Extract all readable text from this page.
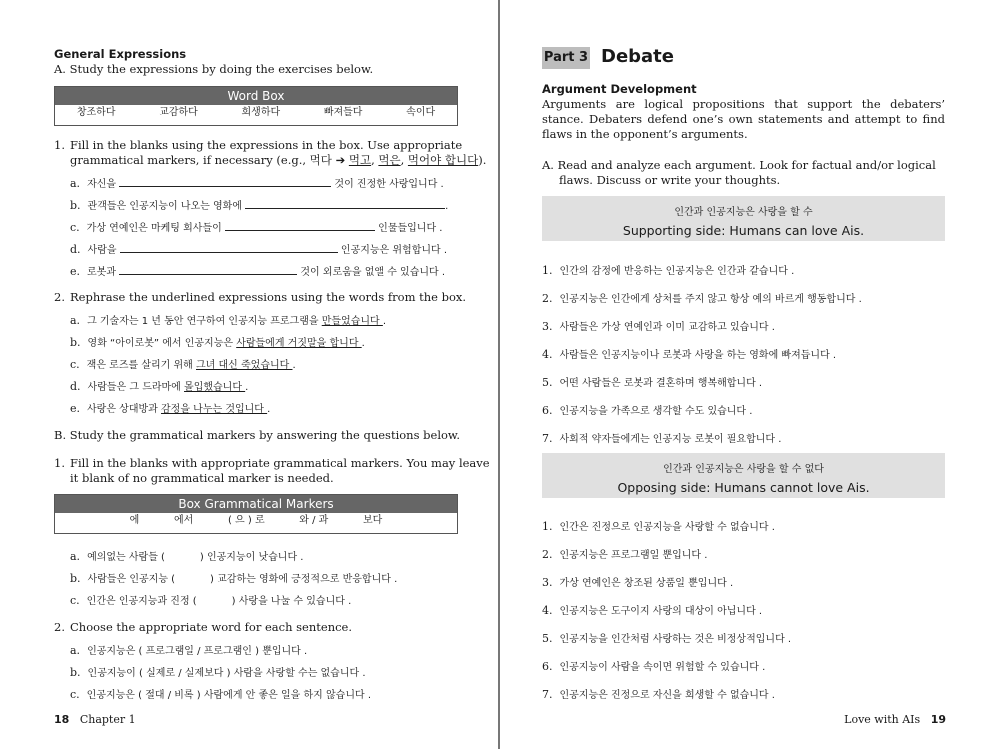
General Expressions
A. Study the expressions by doing the exercises below.
Word Box
창조하다	교감하다	희생하다	빠져들다	속이다
1. Fill in the blanks using the expressions in the box. Use appropriate
grammatical markers, if necessary (e.g., 먹다 ➔ 먹고, 먹은, 먹어야 합니다).
a. 자신을	것이 진정한 사랑입니다 .
b. 관객들은 인공지능이 나오는 영화에	.
c. 가상 연예인은 마케팅 회사들이	인물들입니다 .
d. 사람을	인공지능은 위험합니다 .
e. 로봇과	것이 외로움을 없앨 수 있습니다 .
2. Rephrase the underlined expressions using the words from the box.
a. 그 기술자는 1 년 동안 연구하여 인공지능 프로그램을 만들었습니다 .
b. 영화 “아이로봇” 에서 인공지능은 사람들에게 거짓말을 합니다 .
c. 잭은 로즈를 살리기 위해 그녀 대신 죽었습니다 .
d. 사람들은 그 드라마에 몰입했습니다 .
e. 사랑은 상대방과 감정을 나누는 것입니다 .
B. Study the grammatical markers by answering the questions below.
1. Fill in the blanks with appropriate grammatical markers. You may leave
it blank of no grammatical marker is needed.
Box Grammatical Markers
에	에서	( 으 ) 로	와 / 과	보다
a. 예의없는 사람들 (           ) 인공지능이 낫습니다 .
b. 사람들은 인공지능 (           ) 교감하는 영화에 긍정적으로 반응합니다 .
c. 인간은 인공지능과 진정 (           ) 사랑을 나눌 수 있습니다 .
2. Choose the appropriate word for each sentence.
a. 인공지능은 ( 프로그램일 / 프로그램인 ) 뿐입니다 .
b. 인공지능이 ( 실제로 / 실제보다 ) 사람을 사랑할 수는 없습니다 .
c. 인공지능은 ( 절대 / 비록 ) 사람에게 안 좋은 일을 하지 않습니다 .
18 Chapter 1
Part 3 Debate
Argument Development
Arguments are logical propositions that support the debaters’ stance. Debaters defend one’s own statements and attempt to find flaws in the opponent’s arguments.
A. Read and analyze each argument. Look for factual and/or logical flaws. Discuss or write your thoughts.
인간과 인공지능은 사랑을 할 수
Supporting side: Humans can love Ais.
1. 인간의 감정에 반응하는 인공지능은 인간과 같습니다 .
2. 인공지능은 인간에게 상처를 주지 않고 항상 예의 바르게 행동합니다 .
3. 사람들은 가상 연예인과 이미 교감하고 있습니다 .
4. 사람들은 인공지능이나 로봇과 사랑을 하는 영화에 빠져듭니다 .
5. 어떤 사람들은 로봇과 결혼하며 행복해합니다 .
6. 인공지능을 가족으로 생각할 수도 있습니다 .
7. 사회적 약자들에게는 인공지능 로봇이 필요합니다 .
인간과 인공지능은 사랑을 할 수 없다
Opposing side: Humans cannot love Ais.
1. 인간은 진정으로 인공지능을 사랑할 수 없습니다 .
2. 인공지능은 프로그램일 뿐입니다 .
3. 가상 연예인은 창조된 상품일 뿐입니다 .
4. 인공지능은 도구이지 사랑의 대상이 아닙니다 .
5. 인공지능을 인간처럼 사랑하는 것은 비정상적입니다 .
6. 인공지능이 사람을 속이면 위험할 수 있습니다 .
7. 인공지능은 진정으로 자신을 희생할 수 없습니다 .
Love with AIs 19
